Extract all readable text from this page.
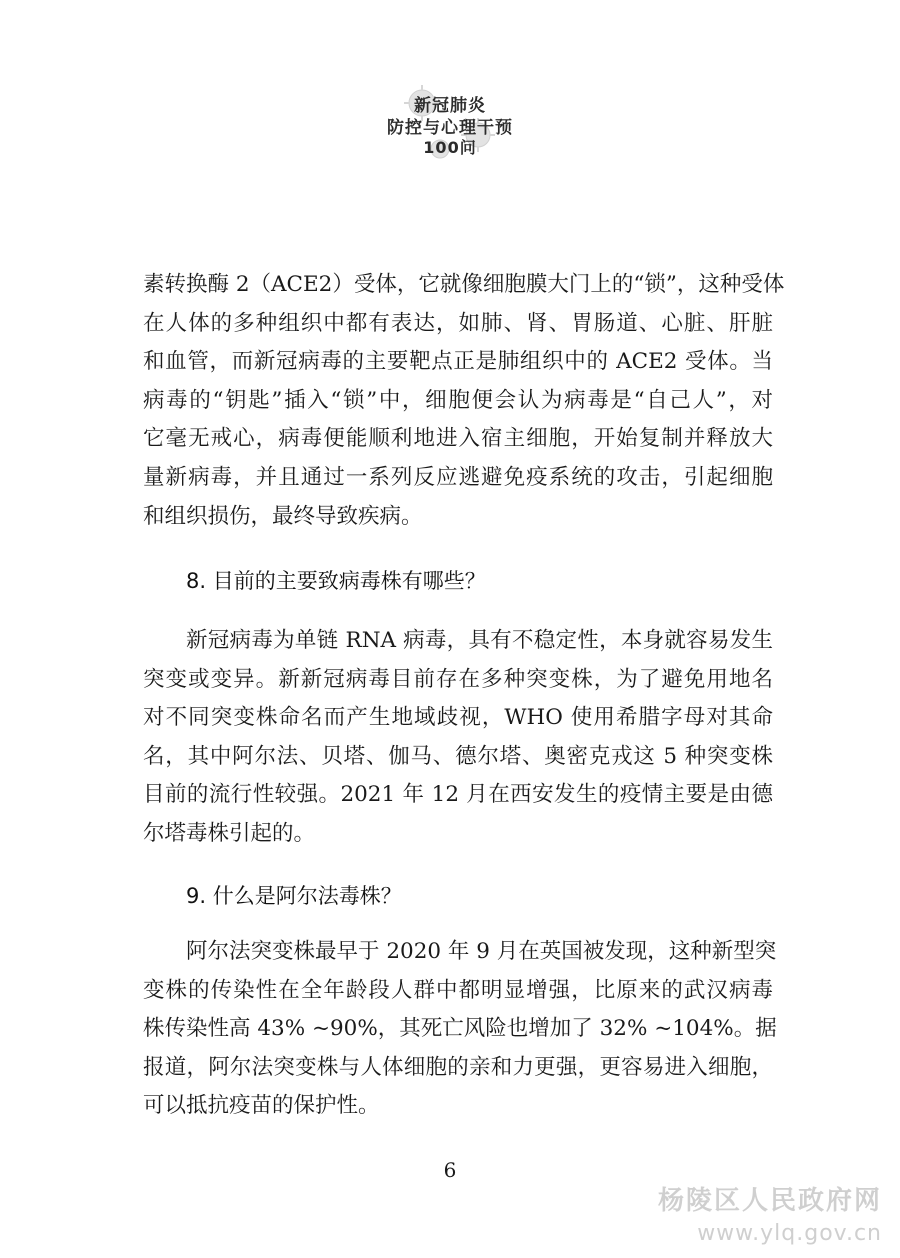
新冠肺炎
防控与心理干预
100问
素转换酶 2（ACE2）受体，它就像细胞膜大门上的“锁”，这种受体
在人体的多种组织中都有表达，如肺、肾、胃肠道、心脏、肝脏
和血管，而新冠病毒的主要靶点正是肺组织中的 ACE2 受体。当
病毒的“钥匙”插入“锁”中，细胞便会认为病毒是“自己人”，对
它毫无戒心，病毒便能顺利地进入宿主细胞，开始复制并释放大
量新病毒，并且通过一系列反应逃避免疫系统的攻击，引起细胞
和组织损伤，最终导致疾病。
8. 目前的主要致病毒株有哪些？
新冠病毒为单链 RNA 病毒，具有不稳定性，本身就容易发生
突变或变异。新新冠病毒目前存在多种突变株，为了避免用地名
对不同突变株命名而产生地域歧视，WHO 使用希腊字母对其命
名，其中阿尔法、贝塔、伽马、德尔塔、奥密克戎这 5 种突变株
目前的流行性较强。2021 年 12 月在西安发生的疫情主要是由德
尔塔毒株引起的。
9. 什么是阿尔法毒株？
阿尔法突变株最早于 2020 年 9 月在英国被发现，这种新型突
变株的传染性在全年龄段人群中都明显增强，比原来的武汉病毒
株传染性高 43% ~90%，其死亡风险也增加了 32% ~104%。据
报道，阿尔法突变株与人体细胞的亲和力更强，更容易进入细胞，
可以抵抗疫苗的保护性。
6
杨陵区人民政府网
www.ylq.gov.cn
